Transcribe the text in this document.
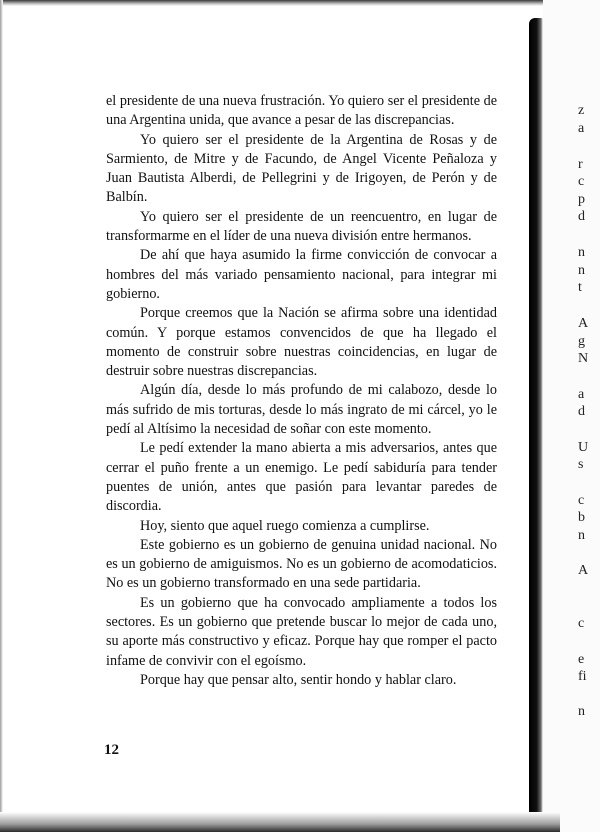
el presidente de una nueva frustración. Yo quiero ser el presidente de una Argentina unida, que avance a pesar de las discrepancias.

Yo quiero ser el presidente de la Argentina de Rosas y de Sarmiento, de Mitre y de Facundo, de Angel Vicente Peñaloza y Juan Bautista Alberdi, de Pellegrini y de Irigoyen, de Perón y de Balbín.

Yo quiero ser el presidente de un reencuentro, en lugar de transformarme en el líder de una nueva división entre hermanos.

De ahí que haya asumido la firme convicción de convocar a hombres del más variado pensamiento nacional, para integrar mi gobierno.

Porque creemos que la Nación se afirma sobre una identidad común. Y porque estamos convencidos de que ha llegado el momento de construir sobre nuestras coincidencias, en lugar de destruir sobre nuestras discrepancias.

Algún día, desde lo más profundo de mi calabozo, desde lo más sufrido de mis torturas, desde lo más ingrato de mi cárcel, yo le pedí al Altísimo la necesidad de soñar con este momento.

Le pedí extender la mano abierta a mis adversarios, antes que cerrar el puño frente a un enemigo. Le pedí sabiduría para tender puentes de unión, antes que pasión para levantar paredes de discordia.

Hoy, siento que aquel ruego comienza a cumplirse.

Este gobierno es un gobierno de genuina unidad nacional. No es un gobierno de amiguismos. No es un gobierno de acomodaticios. No es un gobierno transformado en una sede partidaria.

Es un gobierno que ha convocado ampliamente a todos los sectores. Es un gobierno que pretende buscar lo mejor de cada uno, su aporte más constructivo y eficaz. Porque hay que romper el pacto infame de convivir con el egoísmo.

Porque hay que pensar alto, sentir hondo y hablar claro.

12
z
a
r
c
p
d
n
n
t
A
g
N
a
d
U
s
c
b
n
A
c
e
fi
n
